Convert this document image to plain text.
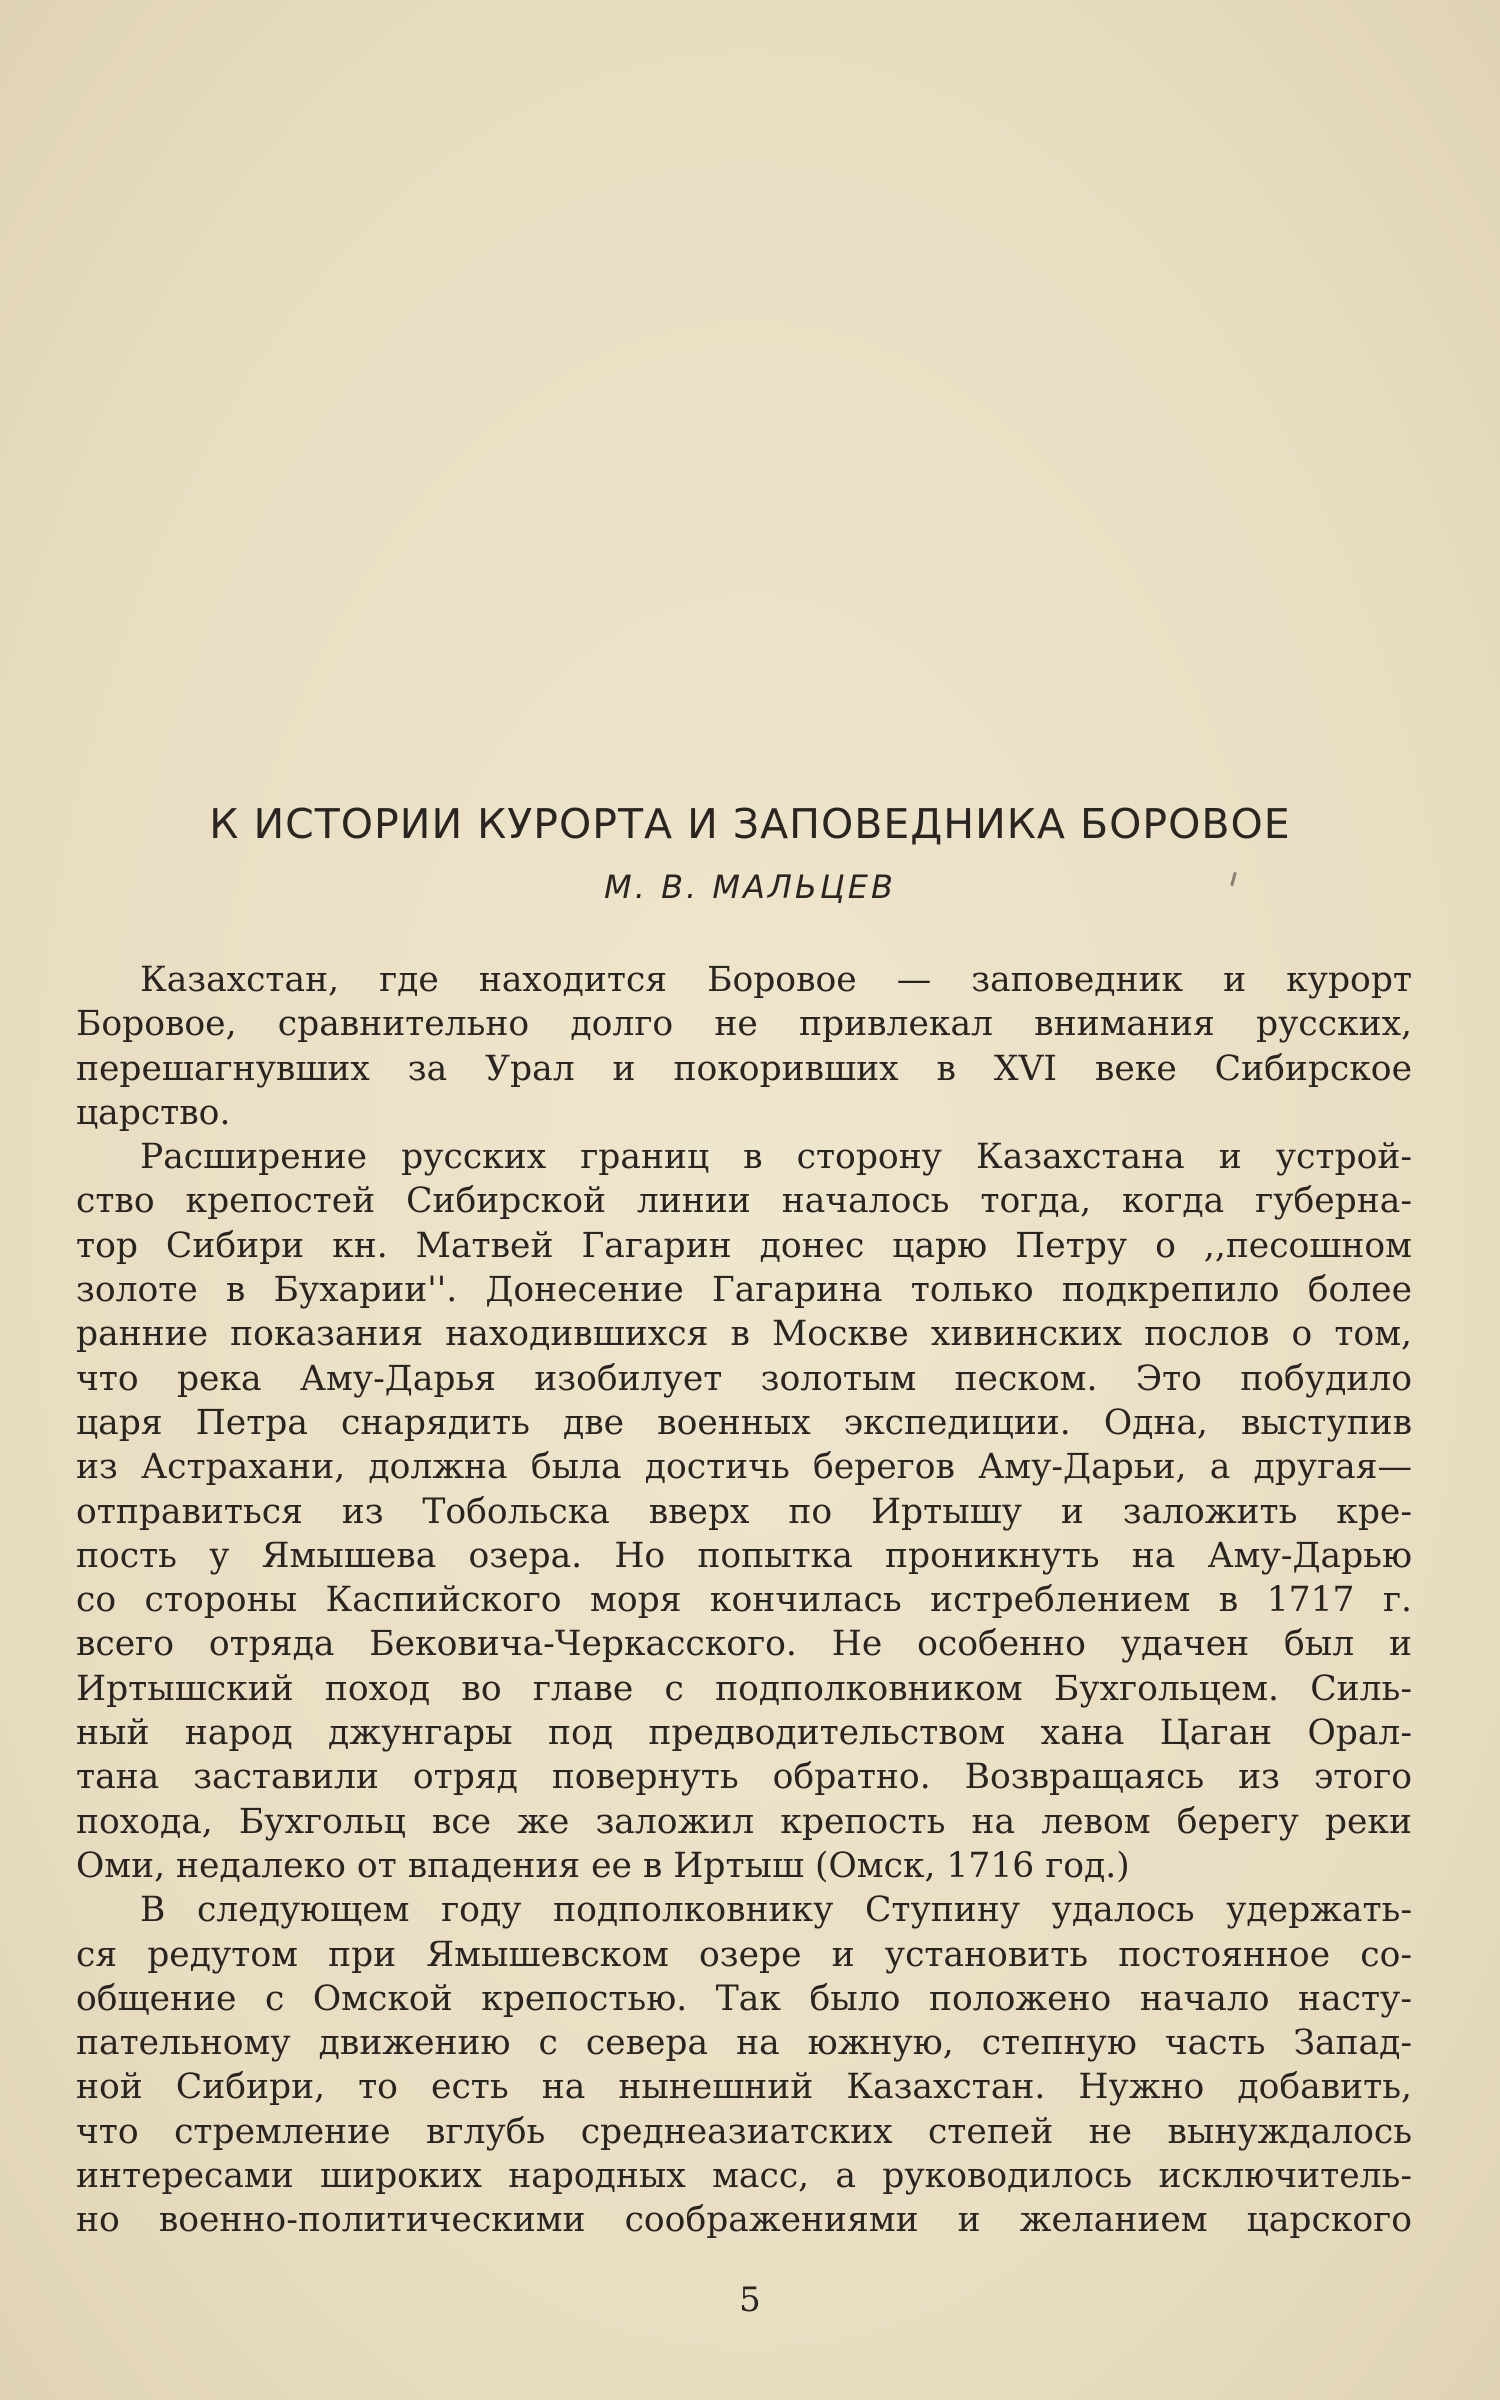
К ИСТОРИИ КУРОРТА И ЗАПОВЕДНИКА БОРОВОЕ
М. В. МАЛЬЦЕВ
Казахстан, где находится Боровое — заповедник и курорт
Боровое, сравнительно долго не привлекал внимания русских,
перешагнувших за Урал и покоривших в XVI веке Сибирское
царство.
Расширение русских границ в сторону Казахстана и устрой-
ство крепостей Сибирской линии началось тогда, когда губерна-
тор Сибири кн. Матвей Гагарин донес царю Петру о ,,песошном
золоте в Бухарии''. Донесение Гагарина только подкрепило более
ранние показания находившихся в Москве хивинских послов о том,
что река Аму-Дарья изобилует золотым песком. Это побудило
царя Петра снарядить две военных экспедиции. Одна, выступив
из Астрахани, должна была достичь берегов Аму-Дарьи, а другая—
отправиться из Тобольска вверх по Иртышу и заложить кре-
пость у Ямышева озера. Но попытка проникнуть на Аму-Дарью
со стороны Каспийского моря кончилась истреблением в 1717 г.
всего отряда Бековича-Черкасского. Не особенно удачен был и
Иртышский поход во главе с подполковником Бухгольцем. Силь-
ный народ джунгары под предводительством хана Цаган Орал-
тана заставили отряд повернуть обратно. Возвращаясь из этого
похода, Бухгольц все же заложил крепость на левом берегу реки
Оми, недалеко от впадения ее в Иртыш (Омск, 1716 год.)
В следующем году подполковнику Ступину удалось удержать-
ся редутом при Ямышевском озере и установить постоянное со-
общение с Омской крепостью. Так было положено начало насту-
пательному движению с севера на южную, степную часть Запад-
ной Сибири, то есть на нынешний Казахстан. Нужно добавить,
что стремление вглубь среднеазиатских степей не вынуждалось
интересами широких народных масс, а руководилось исключитель-
но военно-политическими соображениями и желанием царского
5
